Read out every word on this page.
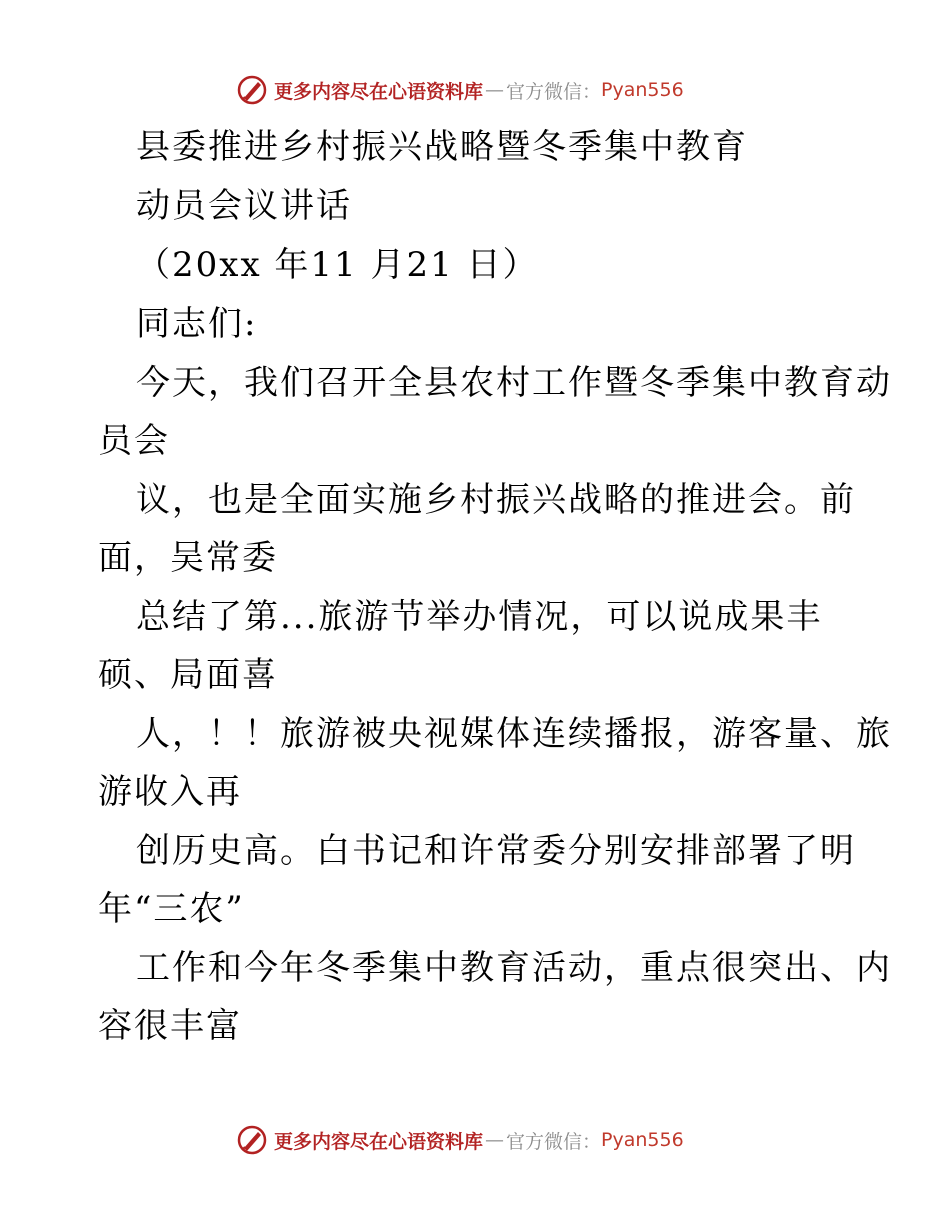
更多内容尽在心语资料库 — 官方微信： Pyan556
县委推进乡村振兴战略暨冬季集中教育
动员会议讲话
（20xx 年11 月21 日）
同志们:
今天，我们召开全县农村工作暨冬季集中教育动
员会
议，也是全面实施乡村振兴战略的推进会。前
面，吴常委
总结了第...旅游节举办情况，可以说成果丰
硕、局面喜
人，！！旅游被央视媒体连续播报，游客量、旅
游收入再
创历史高。白书记和许常委分别安排部署了明
年“三农”
工作和今年冬季集中教育活动，重点很突出、内
容很丰富
更多内容尽在心语资料库 — 官方微信： Pyan556
